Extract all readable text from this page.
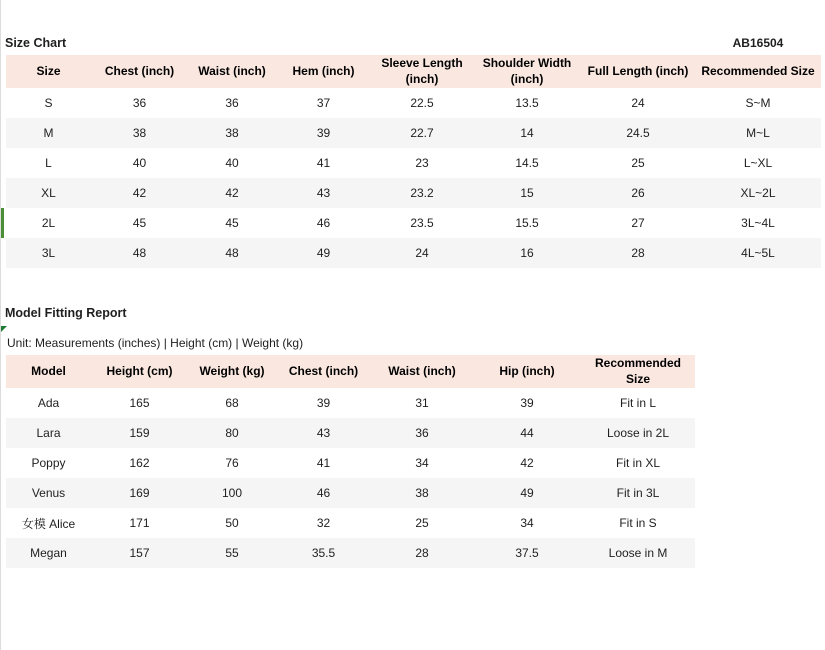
Size Chart	AB16504
Size	Chest (inch)	Waist (inch)	Hem (inch)	Sleeve Length (inch)	Shoulder Width (inch)	Full Length (inch)	Recommended Size
S	36	36	37	22.5	13.5	24	S~M
M	38	38	39	22.7	14	24.5	M~L
L	40	40	41	23	14.5	25	L~XL
XL	42	42	43	23.2	15	26	XL~2L
2L	45	45	46	23.5	15.5	27	3L~4L
3L	48	48	49	24	16	28	4L~5L
Model Fitting Report
Unit: Measurements (inches) | Height (cm) | Weight (kg)
Model	Height (cm)	Weight (kg)	Chest (inch)	Waist (inch)	Hip (inch)	Recommended Size
Ada	165	68	39	31	39	Fit in L
Lara	159	80	43	36	44	Loose in 2L
Poppy	162	76	41	34	42	Fit in XL
Venus	169	100	46	38	49	Fit in 3L
女模 Alice	171	50	32	25	34	Fit in S
Megan	157	55	35.5	28	37.5	Loose in M
